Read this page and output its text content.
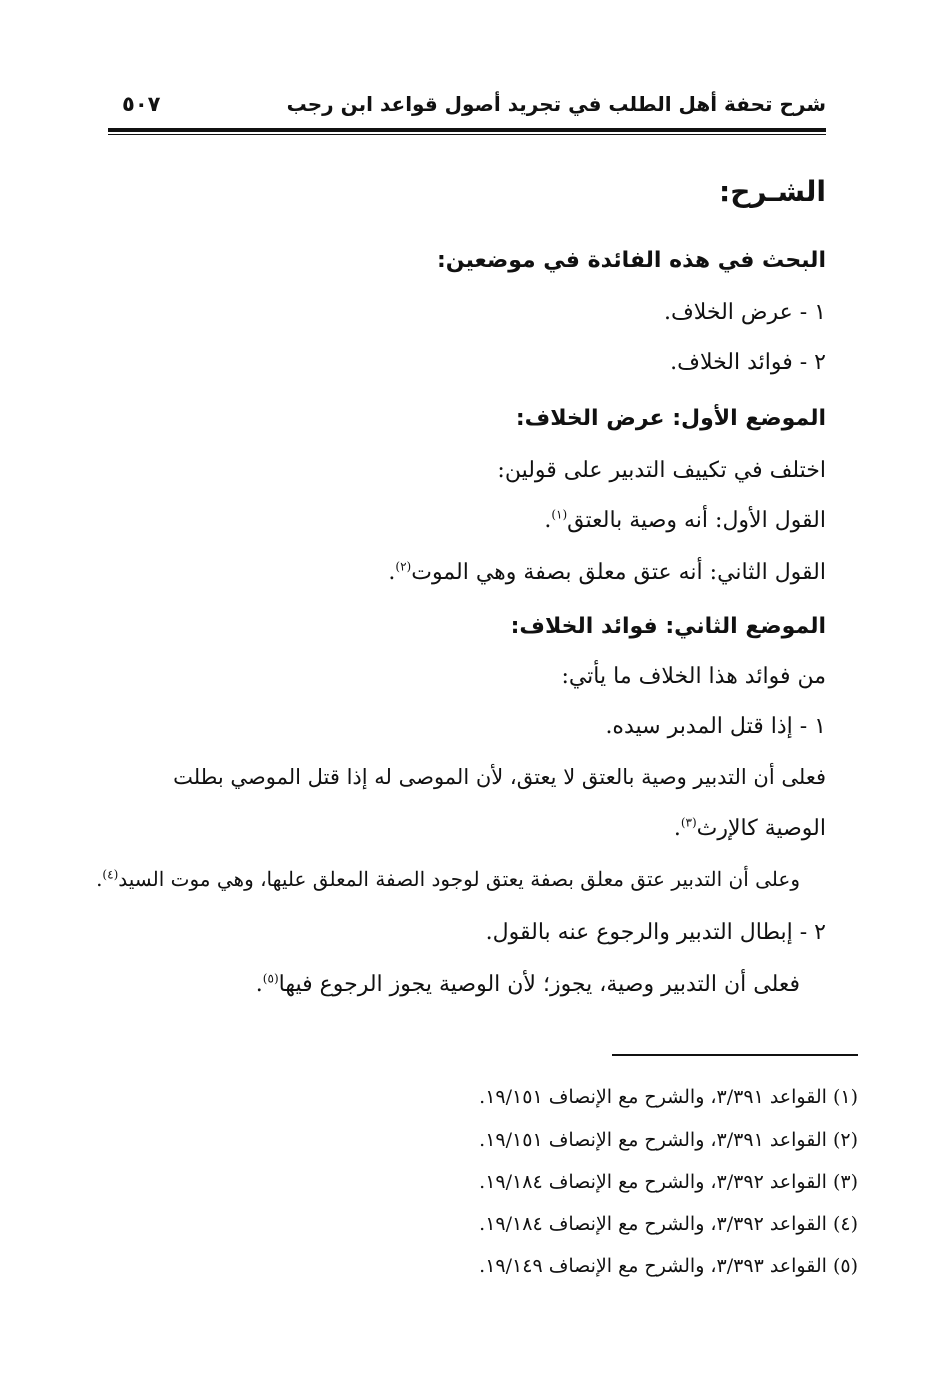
شرح تحفة أهل الطلب في تجريد أصول قواعد ابن رجب
٥٠٧
الشـرح:
البحث في هذه الفائدة في موضعين:
١ - عرض الخلاف.
٢ - فوائد الخلاف.
الموضع الأول: عرض الخلاف:
اختلف في تكييف التدبير على قولين:
القول الأول: أنه وصية بالعتق$^{(١)}$.
القول الثاني: أنه عتق معلق بصفة وهي الموت$^{(٢)}$.
الموضع الثاني: فوائد الخلاف:
من فوائد هذا الخلاف ما يأتي:
١ - إذا قتل المدبر سيده.
فعلى أن التدبير وصية بالعتق لا يعتق، لأن الموصى له إذا قتل الموصي بطلت
الوصية كالإرث$^{(٣)}$.
وعلى أن التدبير عتق معلق بصفة يعتق لوجود الصفة المعلق عليها، وهي موت السيد$^{(٤)}$.
٢ - إبطال التدبير والرجوع عنه بالقول.
فعلى أن التدبير وصية، يجوز؛ لأن الوصية يجوز الرجوع فيها$^{(٥)}$.
(١) القواعد ٣/٣٩١، والشرح مع الإنصاف ١٩/١٥١.
(٢) القواعد ٣/٣٩١، والشرح مع الإنصاف ١٩/١٥١.
(٣) القواعد ٣/٣٩٢، والشرح مع الإنصاف ١٩/١٨٤.
(٤) القواعد ٣/٣٩٢، والشرح مع الإنصاف ١٩/١٨٤.
(٥) القواعد ٣/٣٩٣، والشرح مع الإنصاف ١٩/١٤٩.
